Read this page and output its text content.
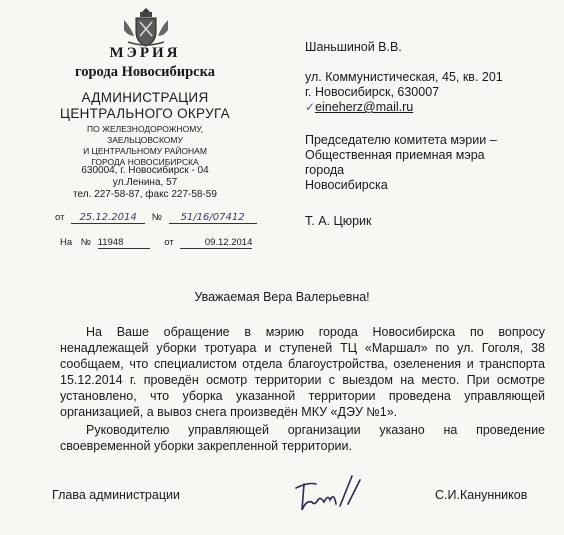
МЭРИЯ
города Новосибирска
АДМИНИСТРАЦИЯ
ЦЕНТРАЛЬНОГО ОКРУГА
ПО ЖЕЛЕЗНОДОРОЖНОМУ,
ЗАЕЛЬЦОВСКОМУ
И ЦЕНТРАЛЬНОМУ РАЙОНАМ
ГОРОДА НОВОСИБИРСКА
630004, г. Новосибирск - 04
ул.Ленина, 57
тел. 227-58-87, факс 227-58-59
от 25.12.2014 № 51/16/07412
На № 11948	от	09.12.2014
Шаньшиной В.В.
ул. Коммунистическая, 45, кв. 201
г. Новосибирск, 630007
✓eineherz@mail.ru
Председателю комитета мэрии –
Общественная приемная мэра
города
Новосибирска
Т. А. Цюрик
Уважаемая Вера Валерьевна!
На Ваше обращение в мэрию города Новосибирска по вопросу ненадлежащей уборки тротуара и ступеней ТЦ «Маршал» по ул. Гоголя, 38 сообщаем, что специалистом отдела благоустройства, озеленения и транспорта 15.12.2014 г. проведён осмотр территории с выездом на место. При осмотре установлено, что уборка указанной территории проведена управляющей организацией, а вывоз снега произведён МКУ «ДЭУ №1».
Руководителю управляющей организации указано на проведение своевременной уборки закрепленной территории.
Глава администрации	С.И.Канунников
